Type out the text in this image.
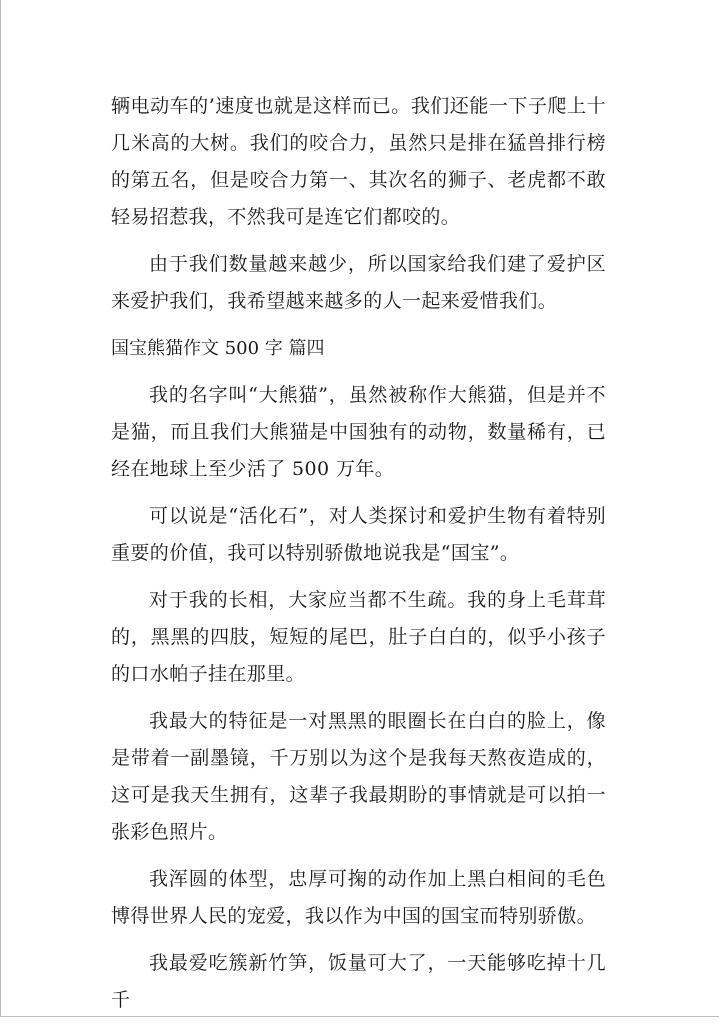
辆电动车的’速度也就是这样而已。我们还能一下子爬上十几米高的大树。我们的咬合力，虽然只是排在猛兽排行榜的第五名，但是咬合力第一、其次名的狮子、老虎都不敢轻易招惹我，不然我可是连它们都咬的。

由于我们数量越来越少，所以国家给我们建了爱护区来爱护我们，我希望越来越多的人一起来爱惜我们。

国宝熊猫作文 500 字 篇四

我的名字叫“大熊猫”，虽然被称作大熊猫，但是并不是猫，而且我们大熊猫是中国独有的动物，数量稀有，已经在地球上至少活了 500 万年。

可以说是“活化石”，对人类探讨和爱护生物有着特别重要的价值，我可以特别骄傲地说我是“国宝”。

对于我的长相，大家应当都不生疏。我的身上毛茸茸的，黑黑的四肢，短短的尾巴，肚子白白的，似乎小孩子的口水帕子挂在那里。

我最大的特征是一对黑黑的眼圈长在白白的脸上，像是带着一副墨镜，千万别以为这个是我每天熬夜造成的，这可是我天生拥有，这辈子我最期盼的事情就是可以拍一张彩色照片。

我浑圆的体型，忠厚可掬的动作加上黑白相间的毛色博得世界人民的宠爱，我以作为中国的国宝而特别骄傲。

我最爱吃簇新竹笋，饭量可大了，一天能够吃掉十几千
